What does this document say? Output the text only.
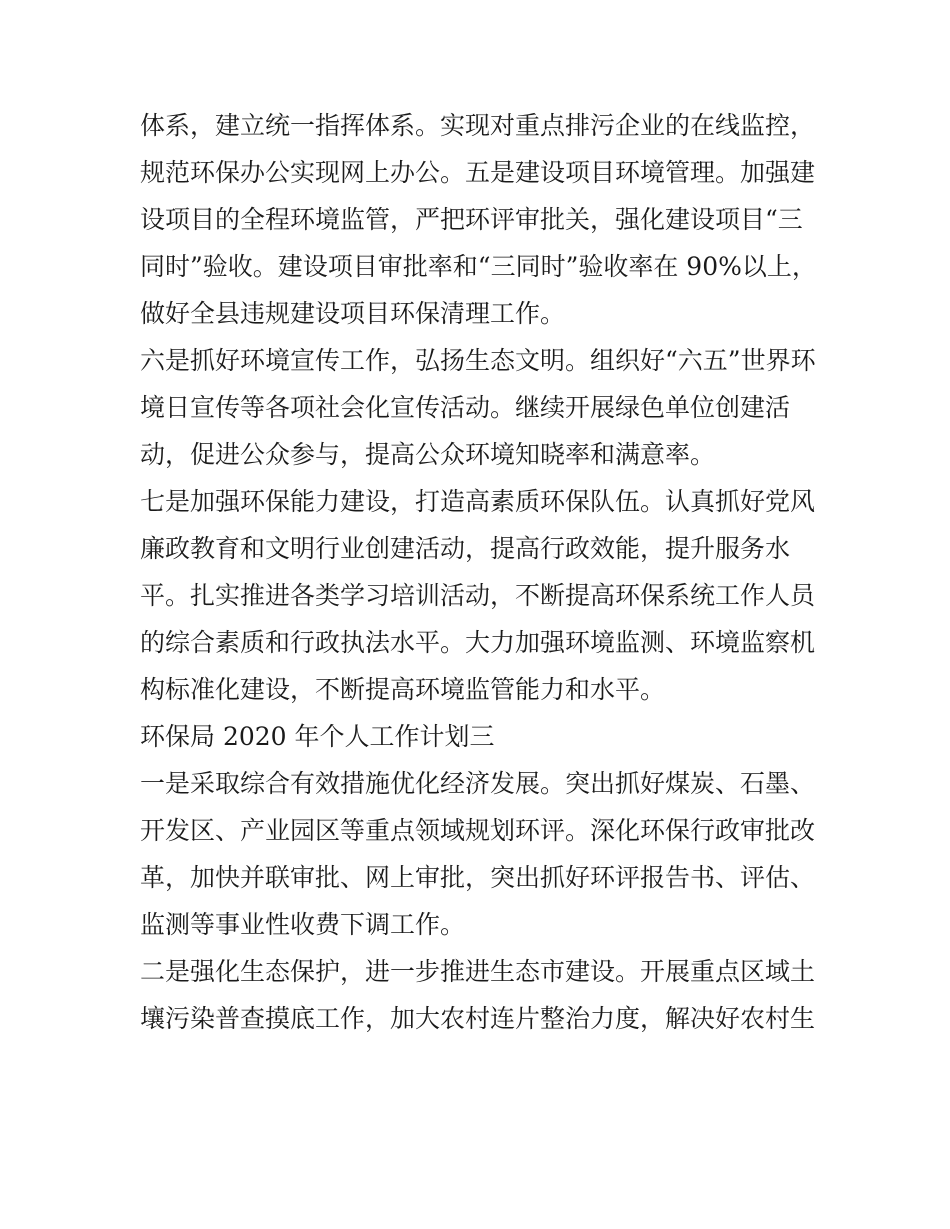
体系，建立统一指挥体系。实现对重点排污企业的在线监控，
规范环保办公实现网上办公。五是建设项目环境管理。加强建
设项目的全程环境监管，严把环评审批关，强化建设项目“三
同时”验收。建设项目审批率和“三同时”验收率在 90%以上，
做好全县违规建设项目环保清理工作。

六是抓好环境宣传工作，弘扬生态文明。组织好“六五”世界环
境日宣传等各项社会化宣传活动。继续开展绿色单位创建活
动，促进公众参与，提高公众环境知晓率和满意率。

七是加强环保能力建设，打造高素质环保队伍。认真抓好党风
廉政教育和文明行业创建活动，提高行政效能，提升服务水
平。扎实推进各类学习培训活动，不断提高环保系统工作人员
的综合素质和行政执法水平。大力加强环境监测、环境监察机
构标准化建设，不断提高环境监管能力和水平。

环保局 2020 年个人工作计划三

一是采取综合有效措施优化经济发展。突出抓好煤炭、石墨、
开发区、产业园区等重点领域规划环评。深化环保行政审批改
革，加快并联审批、网上审批，突出抓好环评报告书、评估、
监测等事业性收费下调工作。

二是强化生态保护，进一步推进生态市建设。开展重点区域土
壤污染普查摸底工作，加大农村连片整治力度，解决好农村生
